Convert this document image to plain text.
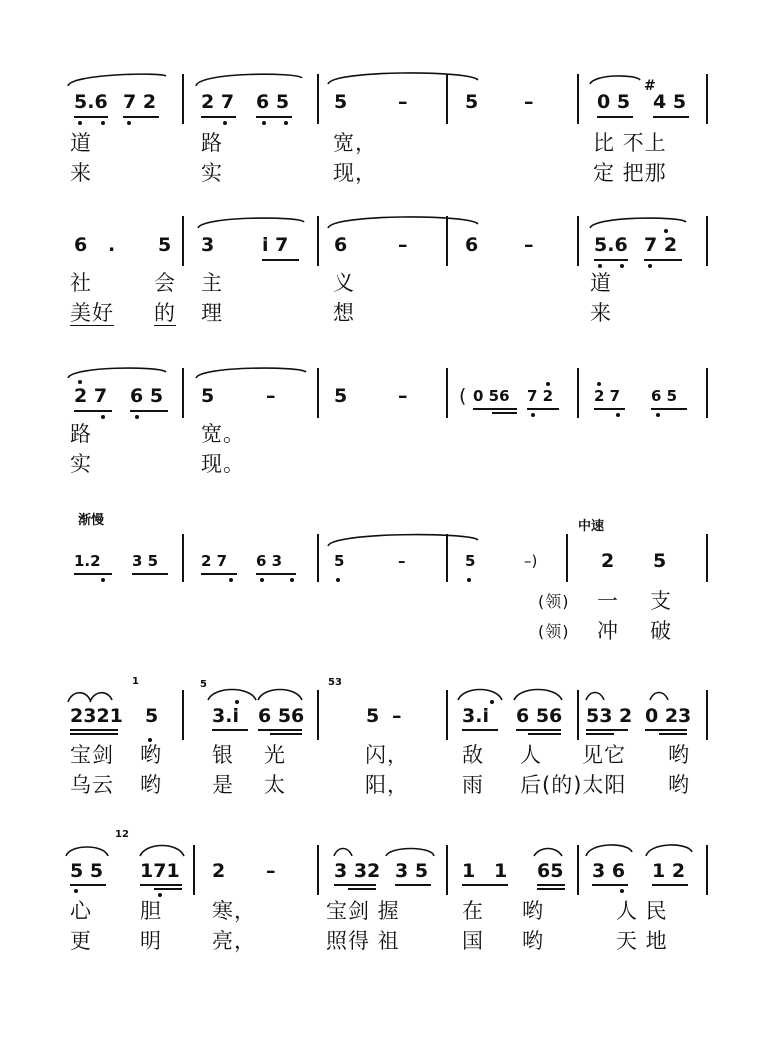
5.6 7 2 2 7 6 5 5	–	5 –	0 5 4 5
#
道	路	宽，	比 不上
来	实	现，	定 把那
6 . 5 3	i 7 6	–	6 –	5.6 7 2
社	会 主	义	道
美好 的 理	想	来
2 7 6 5 5	–	5	–	( 0 56 7 2	2 7 6 5
路	宽。
实	现。
渐慢	中速
1.2 3 5	2 7 6 3	5	–	5	–)	2 5
(领) 一 支
(领) 冲 破
1	5	53
2321 5	3.i 6 56	5 –	3.i 6 56 53 2 0 23
宝剑 哟 银 光	闪，	敌 人 见它 哟
乌云 哟 是 太	阳，	雨 后(的)太阳 哟
12
5 5 171 2 –	3 32 3 5 1 1 65 3 6 1 2
心 胆 寒，	宝剑 握	在 哟	人 民
更 明 亮，	照得 祖	国 哟	天 地
